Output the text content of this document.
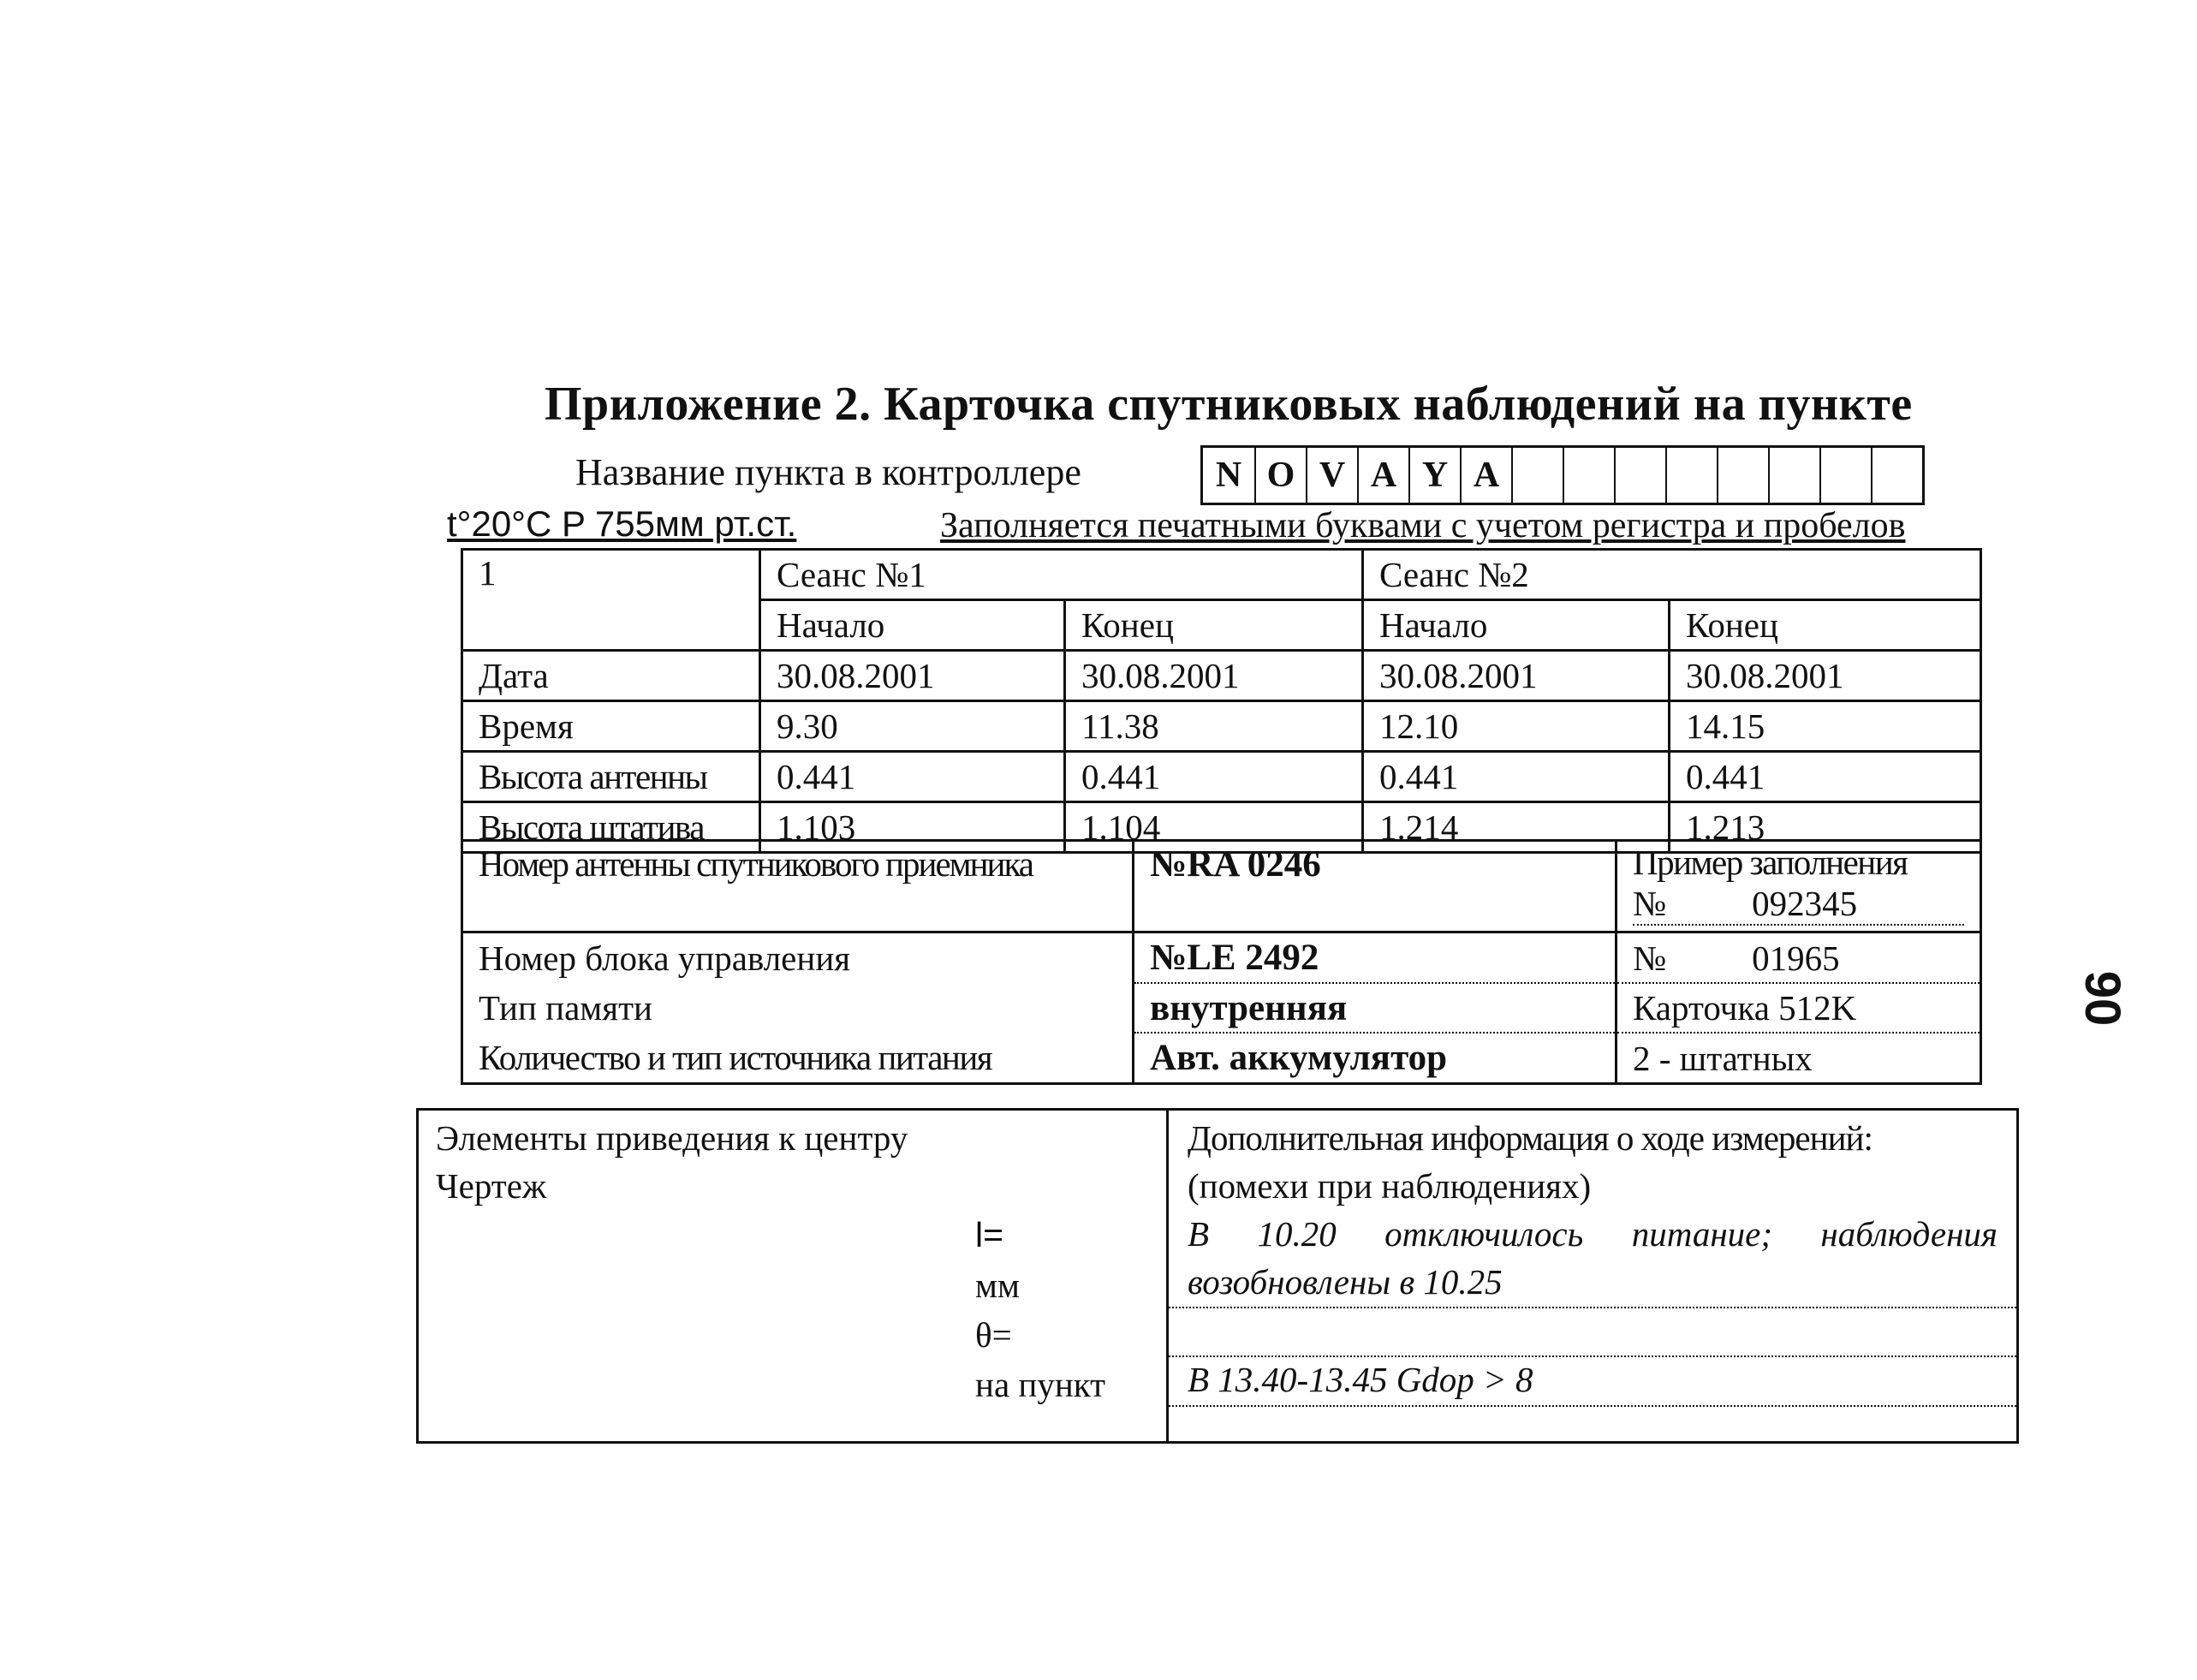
Приложение 2. Карточка спутниковых наблюдений на пункте
Название пункта в контроллере	N O V A Y A
t°20°C P 755мм рт.ст.	Заполняется печатными буквами с учетом регистра и пробелов
90
1	Сеанс №1		Сеанс №2	
	Начало	Конец	Начало	Конец
Дата	30.08.2001	30.08.2001	30.08.2001	30.08.2001
Время	9.30	11.38	12.10	14.15
Высота антенны	0.441	0.441	0.441	0.441
Высота штатива	1.103	1.104	1.214	1.213
Номер антенны спутникового приемника	№RA 0246	Пример заполнения
№ 092345

Номер блока управления	№LE 2492	№ 01965
Тип памяти	внутренняя	Карточка 512K
Количество и тип источника питания	Авт. аккумулятор	2 - штатных
Элементы приведения к центру
Чертеж
l=
мм
θ=
на пункт
Дополнительная информация о ходе измерений:
(помехи при наблюдениях)
В 10.20 отключилось питание; наблюдения
возобновлены в 10.25
В 13.40-13.45 Gdop > 8
